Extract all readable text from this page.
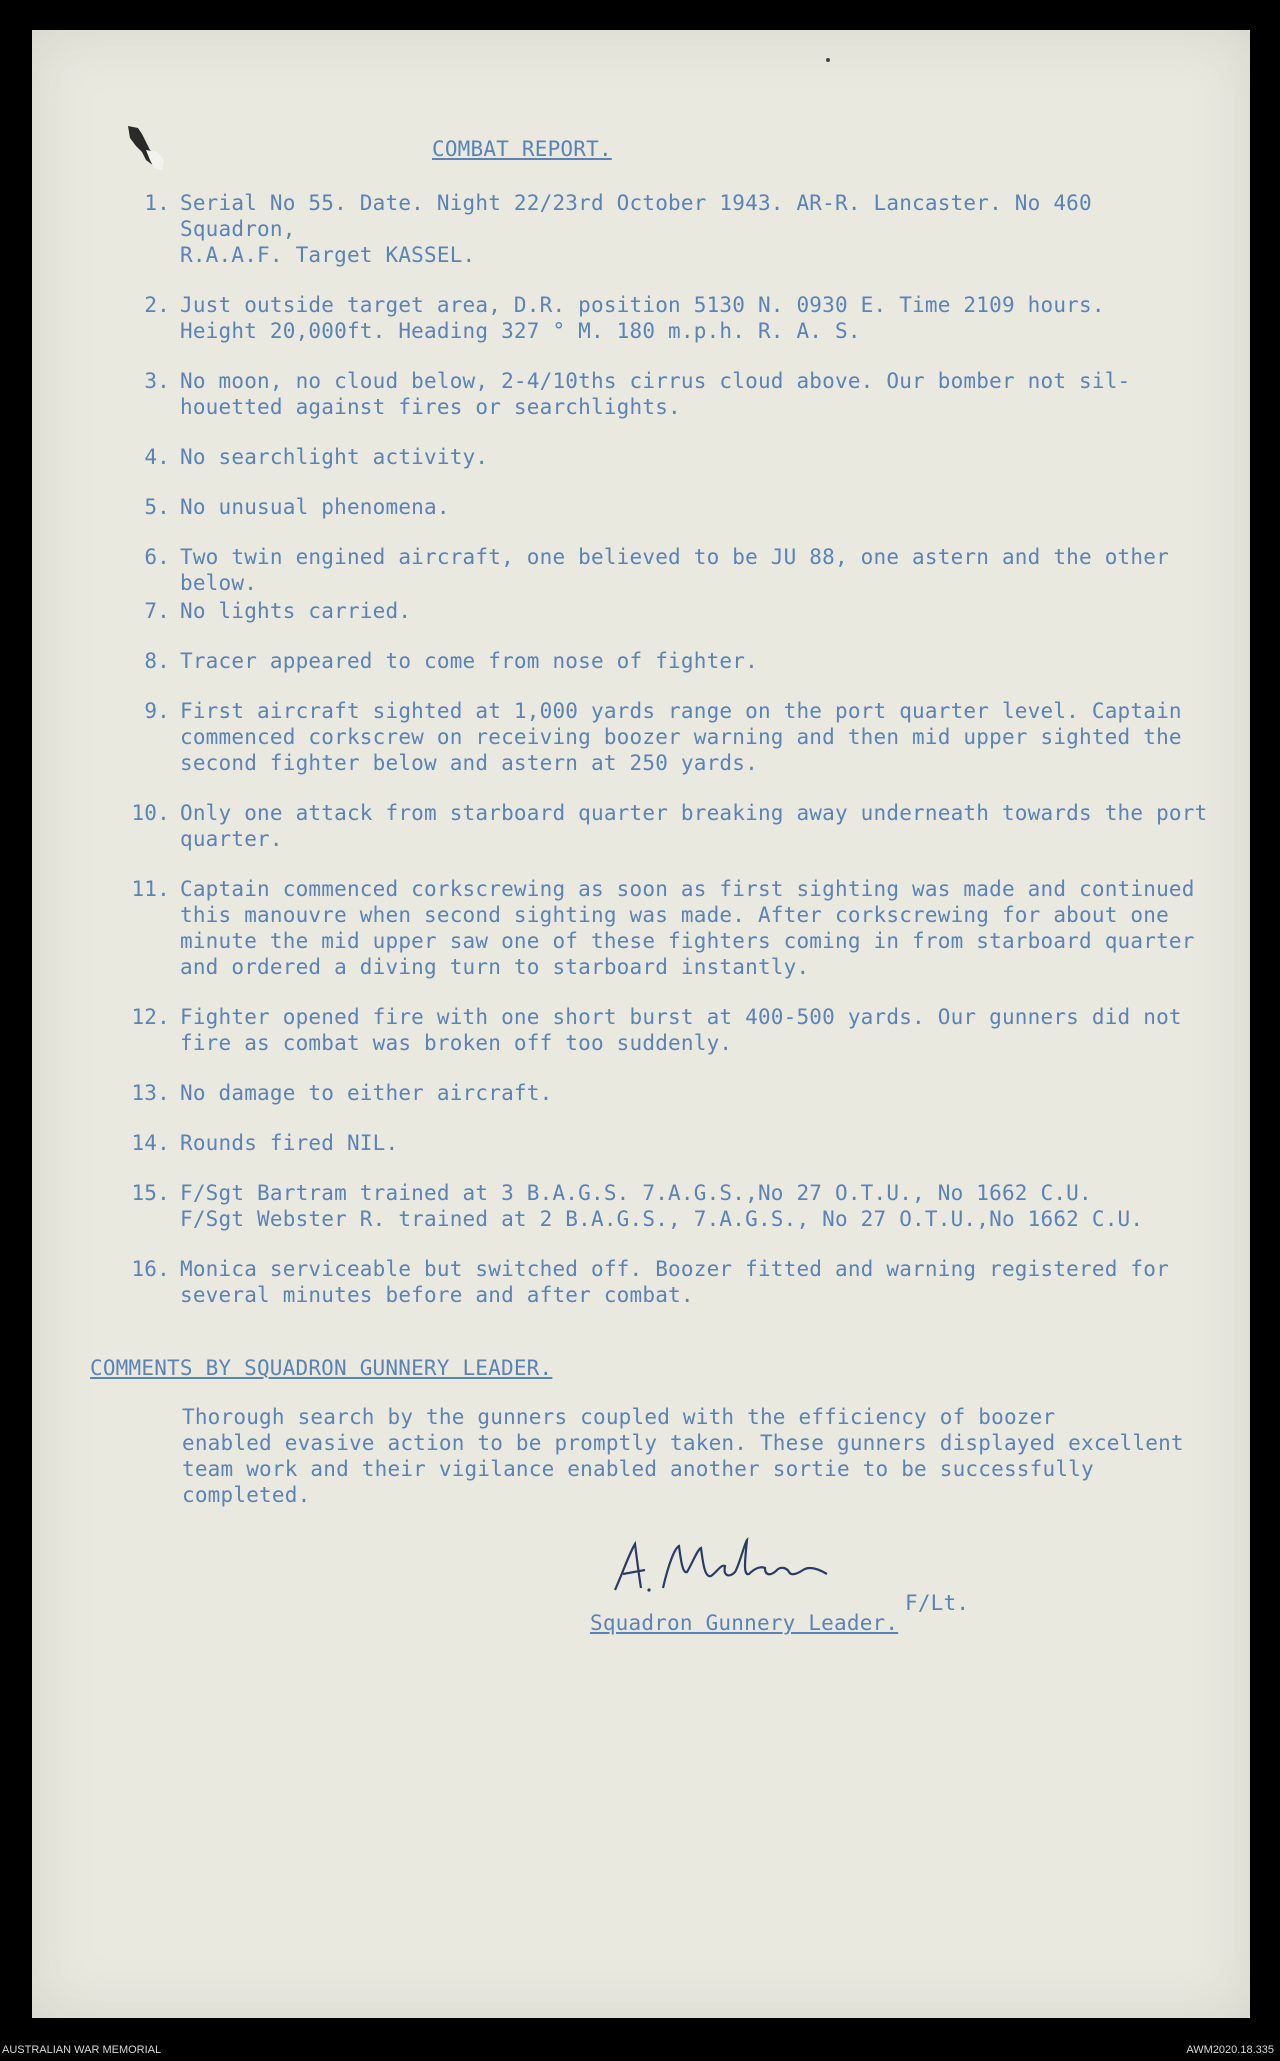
COMBAT REPORT.
1. Serial No 55. Date. Night 22/23rd October 1943. AR-R. Lancaster. No 460 Squadron,
R.A.A.F. Target KASSEL.
2. Just outside target area, D.R. position 5130 N. 0930 E. Time 2109 hours.
Height 20,000ft. Heading 327 ° M. 180 m.p.h. R. A. S.
3. No moon, no cloud below, 2-4/10ths cirrus cloud above. Our bomber not sil-
houetted against fires or searchlights.
4. No searchlight activity.
5. No unusual phenomena.
6. Two twin engined aircraft, one believed to be JU 88, one astern and the other
below.
7. No lights carried.
8. Tracer appeared to come from nose of fighter.
9. First aircraft sighted at 1,000 yards range on the port quarter level. Captain
commenced corkscrew on receiving boozer warning and then mid upper sighted the
second fighter below and astern at 250 yards.
10. Only one attack from starboard quarter breaking away underneath towards the port
quarter.
11. Captain commenced corkscrewing as soon as first sighting was made and continued
this manouvre when second sighting was made. After corkscrewing for about one
minute the mid upper saw one of these fighters coming in from starboard quarter
and ordered a diving turn to starboard instantly.
12. Fighter opened fire with one short burst at 400-500 yards. Our gunners did not
fire as combat was broken off too suddenly.
13. No damage to either aircraft.
14. Rounds fired NIL.
15. F/Sgt Bartram trained at 3 B.A.G.S. 7.A.G.S.,No 27 O.T.U., No 1662 C.U.
F/Sgt Webster R. trained at 2 B.A.G.S., 7.A.G.S., No 27 O.T.U.,No 1662 C.U.
16. Monica serviceable but switched off. Boozer fitted and warning registered for
several minutes before and after combat.
COMMENTS BY SQUADRON GUNNERY LEADER.
Thorough search by the gunners coupled with the efficiency of boozer
enabled evasive action to be promptly taken. These gunners displayed excellent
team work and their vigilance enabled another sortie to be successfully completed.
F/Lt.
Squadron Gunnery Leader.
AUSTRALIAN WAR MEMORIAL	AWM2020.18.335
